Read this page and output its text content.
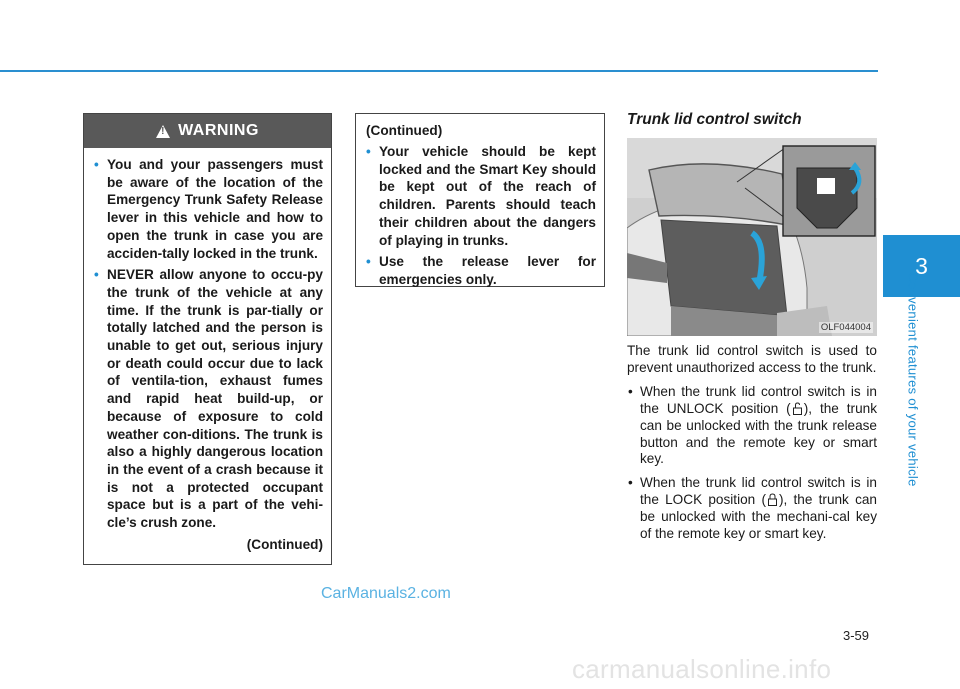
3
Convenient features of your vehicle
!
WARNING
• You and your passengers must be aware of the location of the Emergency Trunk Safety Release lever in this vehicle and how to open the trunk in case you are acciden-tally locked in the trunk.
• NEVER allow anyone to occu-py the trunk of the vehicle at any time. If the trunk is par-tially or totally latched and the person is unable to get out, serious injury or death could occur due to lack of ventila-tion, exhaust fumes and rapid heat build-up, or because of exposure to cold weather con-ditions. The trunk is also a highly dangerous location in the event of a crash because it is not a protected occupant space but is a part of the vehi-cle’s crush zone.
(Continued)
(Continued)
• Your vehicle should be kept locked and the Smart Key should be kept out of the reach of children. Parents should teach their children about the dangers of playing in trunks.
• Use the release lever for emergencies only.
Trunk lid control switch
OLF044004

The trunk lid control switch is used to prevent unauthorized access to the trunk.

• When the trunk lid control switch is in the UNLOCK position ( ), the trunk can be unlocked with the trunk release button and the remote key or smart key.
• When the trunk lid control switch is in the LOCK position ( ), the trunk can be unlocked with the mechani-cal key of the remote key or smart key.
3-59
CarManuals2.com
carmanualsonline.info
